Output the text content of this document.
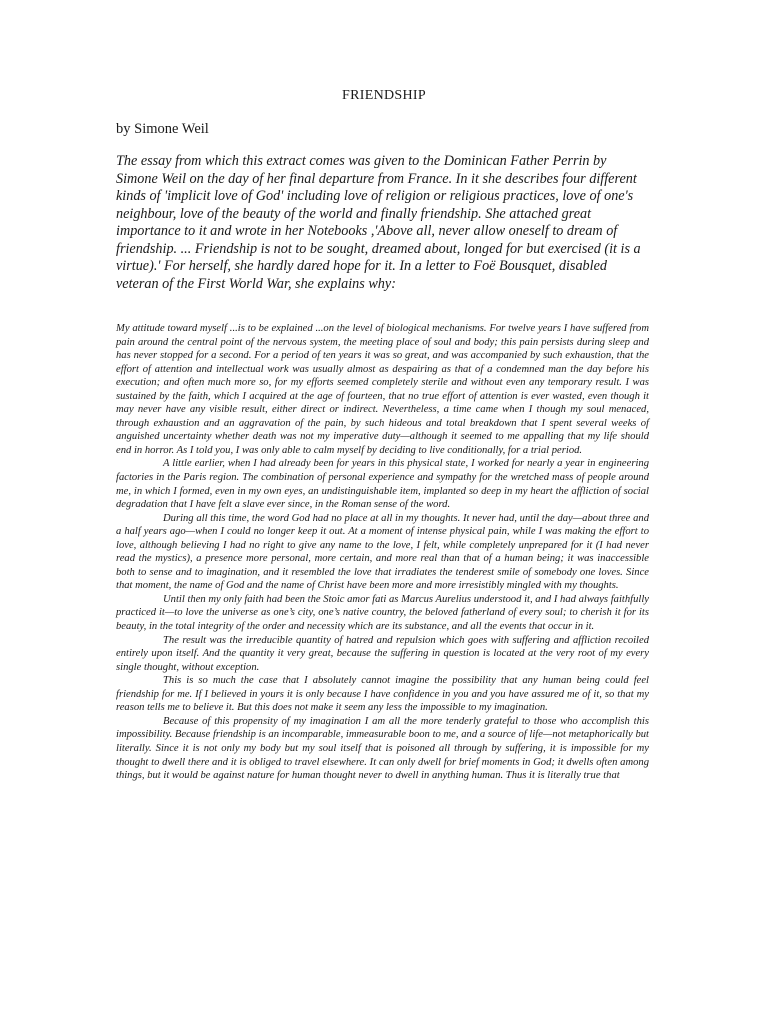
FRIENDSHIP
by Simone Weil

The essay from which this extract comes was given to the Dominican Father Perrin by Simone Weil on the day of her final departure from France. In it she describes four different kinds of 'implicit love of God' including love of religion or religious practices, love of one's neighbour, love of the beauty of the world and finally friendship. She attached great importance to it and wrote in her Notebooks ,'Above all, never allow oneself to dream of friendship. ... Friendship is not to be sought, dreamed about, longed for but exercised (it is a virtue).' For herself, she hardly dared hope for it. In a letter to Foë Bousquet, disabled veteran of the First World War, she explains why:

My attitude toward myself ...is to be explained ...on the level of biological mechanisms. For twelve years I have suffered from pain around the central point of the nervous system, the meeting place of soul and body; this pain persists during sleep and has never stopped for a second. For a period of ten years it was so great, and was accompanied by such exhaustion, that the effort of attention and intellectual work was usually almost as despairing as that of a condemned man the day before his execution; and often much more so, for my efforts seemed completely sterile and without even any temporary result. I was sustained by the faith, which I acquired at the age of fourteen, that no true effort of attention is ever wasted, even though it may never have any visible result, either direct or indirect. Nevertheless, a time came when I though my soul menaced, through exhaustion and an aggravation of the pain, by such hideous and total breakdown that I spent several weeks of anguished uncertainty whether death was not my imperative duty—although it seemed to me appalling that my life should end in horror. As I told you, I was only able to calm myself by deciding to live conditionally, for a trial period.

A little earlier, when I had already been for years in this physical state, I worked for nearly a year in engineering factories in the Paris region. The combination of personal experience and sympathy for the wretched mass of people around me, in which I formed, even in my own eyes, an undistinguishable item, implanted so deep in my heart the affliction of social degradation that I have felt a slave ever since, in the Roman sense of the word.

During all this time, the word God had no place at all in my thoughts. It never had, until the day—about three and a half years ago—when I could no longer keep it out. At a moment of intense physical pain, while I was making the effort to love, although believing I had no right to give any name to the love, I felt, while completely unprepared for it (I had never read the mystics), a presence more personal, more certain, and more real than that of a human being; it was inaccessible both to sense and to imagination, and it resembled the love that irradiates the tenderest smile of somebody one loves. Since that moment, the name of God and the name of Christ have been more and more irresistibly mingled with my thoughts.

Until then my only faith had been the Stoic amor fati as Marcus Aurelius understood it, and I had always faithfully practiced it—to love the universe as one’s city, one’s native country, the beloved fatherland of every soul; to cherish it for its beauty, in the total integrity of the order and necessity which are its substance, and all the events that occur in it.

The result was the irreducible quantity of hatred and repulsion which goes with suffering and affliction recoiled entirely upon itself. And the quantity it very great, because the suffering in question is located at the very root of my every single thought, without exception.

This is so much the case that I absolutely cannot imagine the possibility that any human being could feel friendship for me. If I believed in yours it is only because I have confidence in you and you have assured me of it, so that my reason tells me to believe it. But this does not make it seem any less the impossible to my imagination.

Because of this propensity of my imagination I am all the more tenderly grateful to those who accomplish this impossibility. Because friendship is an incomparable, immeasurable boon to me, and a source of life—not metaphorically but literally. Since it is not only my body but my soul itself that is poisoned all through by suffering, it is impossible for my thought to dwell there and it is obliged to travel elsewhere. It can only dwell for brief moments in God; it dwells often among things, but it would be against nature for human thought never to dwell in anything human. Thus it is literally true that
